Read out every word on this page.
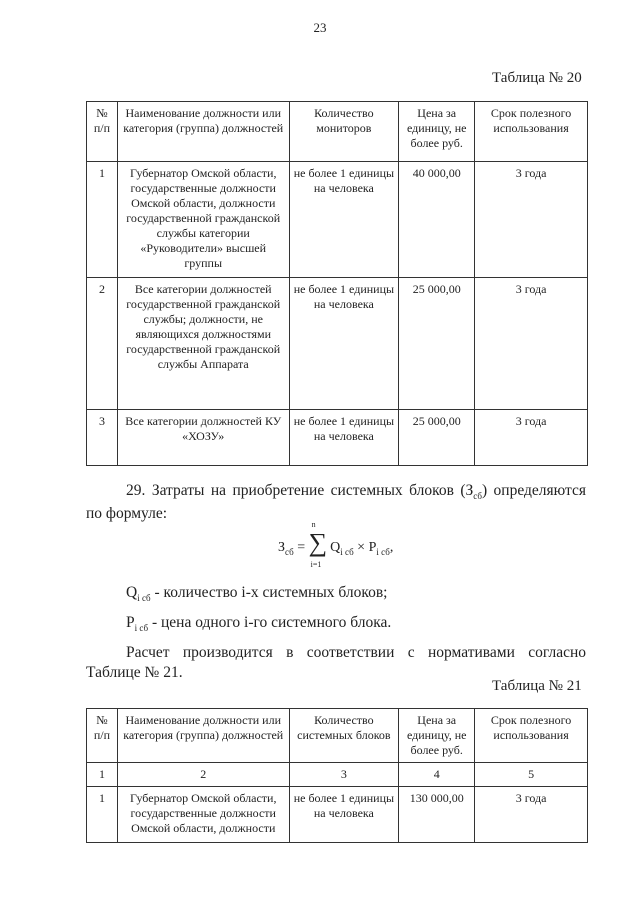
23
Таблица № 20
№ п/п	Наименование должности или категория (группа) должностей	Количество мониторов	Цена за единицу, не более руб.	Срок полезного использования
1	Губернатор Омской области, государственные должности Омской области, должности государственной гражданской службы категории «Руководители» высшей группы	не более 1 единицы на человека	40 000,00	3 года
2	Все категории должностей государственной гражданской службы; должности, не являющихся должностями государственной гражданской службы Аппарата	не более 1 единицы на человека	25 000,00	3 года
3	Все категории должностей КУ «ХОЗУ»	не более 1 единицы на человека	25 000,00	3 года
29. Затраты на приобретение системных блоков $(З_{сб})$ определяются по формуле:
$З_{сб}$ =
n
∑
i=1
$Q_{i сб} \times P_{i сб}$,
$Q_{i сб}$ - количество i-х системных блоков;
$P_{i сб}$ - цена одного i-го системного блока.
Расчет производится в соответствии с нормативами согласно
Таблице № 21.
Таблица № 21
№ п/п	Наименование должности или категория (группа) должностей	Количество системных блоков	Цена за единицу, не более руб.	Срок полезного использования
1	2	3	4	5
1	Губернатор Омской области, государственные должности Омской области, должности	не более 1 единицы на человека	130 000,00	3 года
